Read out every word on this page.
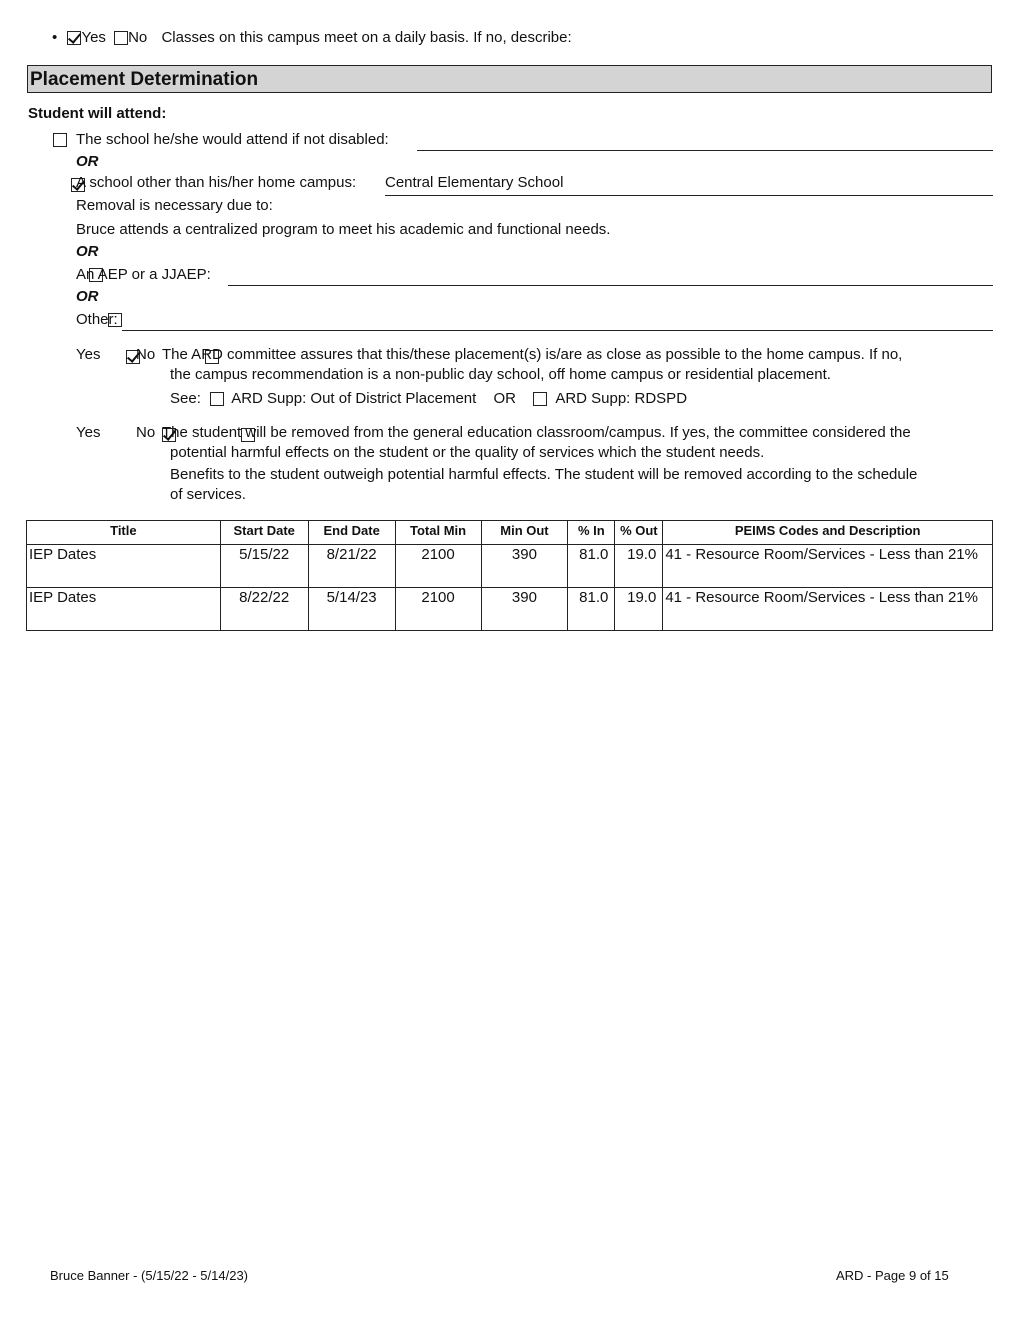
• Yes No Classes on this campus meet on a daily basis. If no, describe:
Placement Determination
Student will attend:

The school he/she would attend if not disabled:
OR

A school other than his/her home campus: Central Elementary School
Removal is necessary due to:
Bruce attends a centralized program to meet his academic and functional needs.
OR

An AEP or a JJAEP:
OR

Other:

Yes
No The ARD committee assures that this/these placement(s) is/are as close as possible to the home campus. If no,
the campus recommendation is a non-public day school, off home campus or residential placement.
See: ARD Supp: Out of District Placement OR	ARD Supp: RDSPD

Yes No The student will be removed from the general education classroom/campus. If yes, the committee considered the
potential harmful effects on the student or the quality of services which the student needs.
Benefits to the student outweigh potential harmful effects. The student will be removed according to the schedule
of services.
Title	Start Date	End Date	Total Min	Min Out	% In	% Out	PEIMS Codes and Description
IEP Dates	5/15/22	8/21/22	2100	390	81.0	19.0	41 - Resource Room/Services - Less than 21%
IEP Dates	8/22/22	5/14/23	2100	390	81.0	19.0	41 - Resource Room/Services - Less than 21%
Bruce Banner - (5/15/22 - 5/14/23)	ARD - Page 9 of 15
